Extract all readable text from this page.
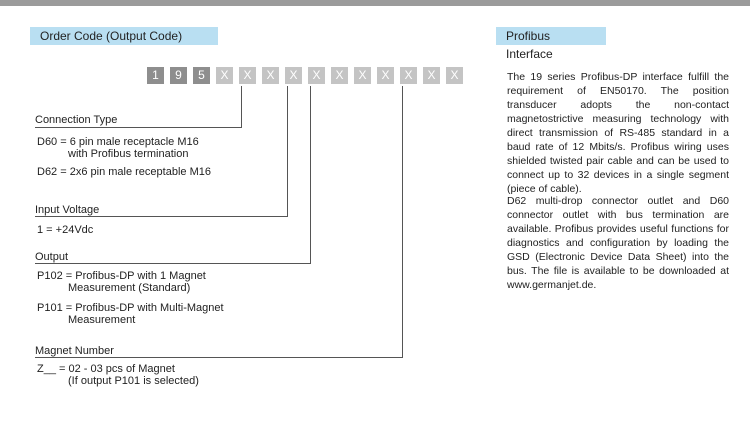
Order Code (Output Code)	Profibus Interface
1	9	5	X	X	X	X	X	X	X	X	X	X	X
Connection Type
D60 = 6 pin male receptacle M16
with Profibus termination
D62 = 2x6 pin male receptable M16
Input Voltage
1 = +24Vdc
Output
P102 = Profibus-DP with 1 Magnet
Measurement (Standard)
P101 = Profibus-DP with Multi-Magnet
Measurement
Magnet Number
Z__ = 02 - 03 pcs of Magnet
(If output P101 is selected)
The 19 series Profibus-DP interface fulfill the requirement of EN50170. The position transducer adopts the non-contact magnetostrictive measuring technology with direct transmission of RS-485 standard in a baud rate of 12 Mbits/s. Profibus wiring uses shielded twisted pair cable and can be used to connect up to 32 devices in a single segment (piece of cable).
D62 multi-drop connector outlet and D60 connector outlet with bus termination are available. Profibus provides useful functions for diagnostics and configuration by loading the GSD (Electronic Device Data Sheet) into the bus. The file is available to be downloaded at www.germanjet.de.
